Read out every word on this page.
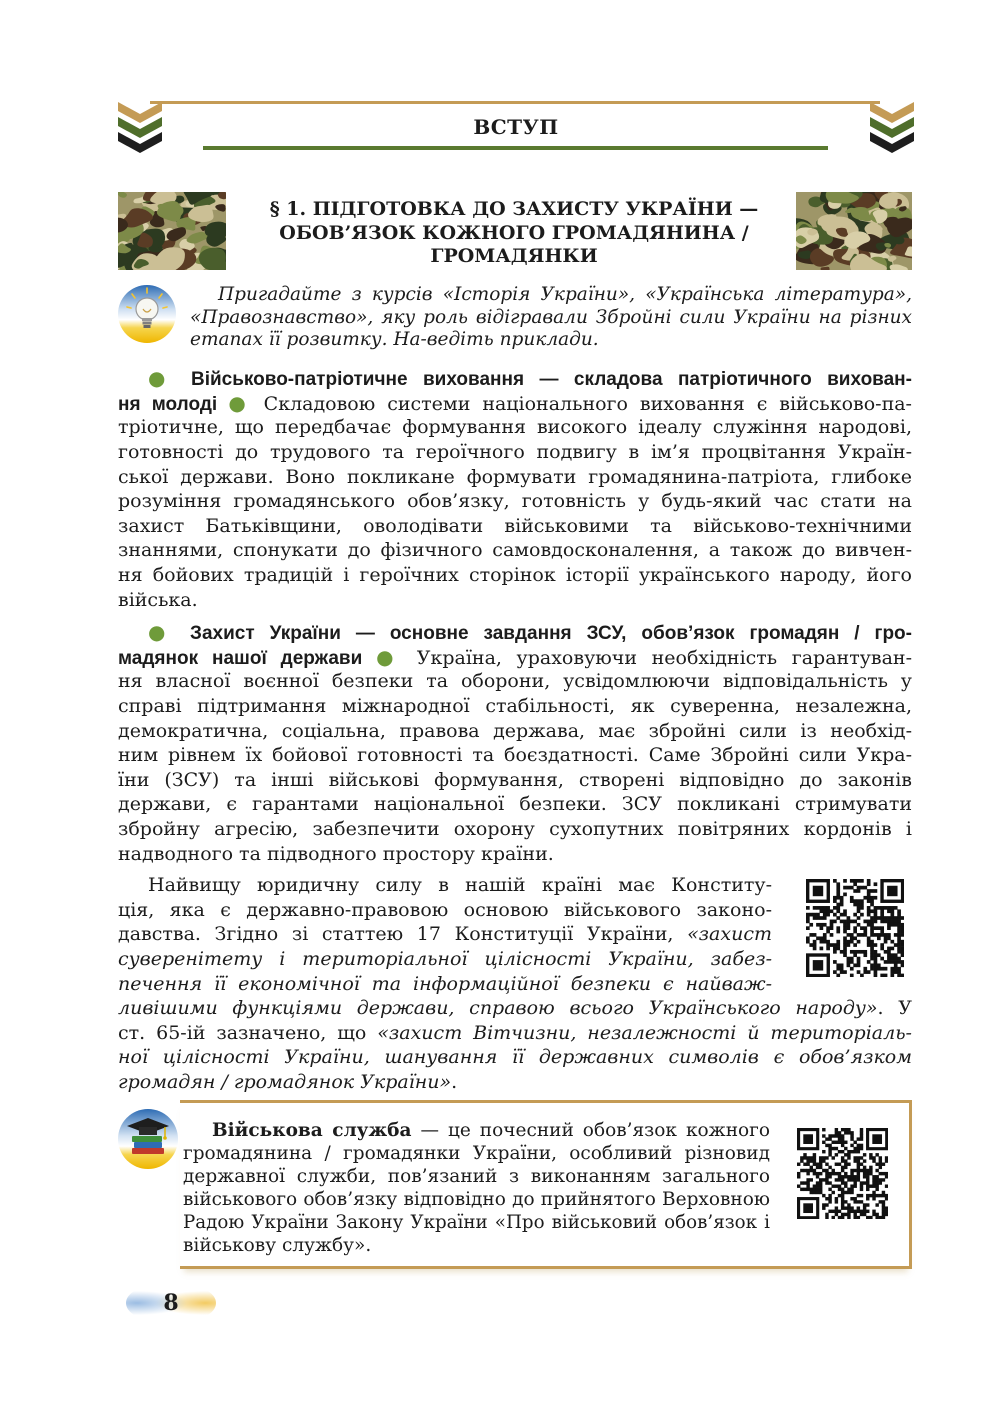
ВСТУП
§ 1. ПІДГОТОВКА ДО ЗАХИСТУ УКРАЇНИ —
ОБОВ’ЯЗОК КОЖНОГО ГРОМАДЯНИНА /
ГРОМАДЯНКИ
Пригадайте з курсів «Історія України», «Українська література»,
«Правознавство», яку роль відігравали Збройні сили України на різних
етапах її розвитку. На-ведіть приклади.
● Військово-патріотичне виховання — складова патріотичного вихован-
ня молоді ● Складовою системи національного виховання є військово-па-
тріотичне, що передбачає формування високого ідеалу служіння народові,
готовності до трудового та героїчного подвигу в ім’я процвітання Україн-
ської держави. Воно покликане формувати громадянина-патріота, глибоке
розуміння громадянського обов’язку, готовність у будь-який час стати на
захист Батьківщини, оволодівати військовими та військово-технічними
знаннями, спонукати до фізичного самовдосконалення, а також до вивчен-
ня бойових традицій і героїчних сторінок історії українського народу, його
війська.
● Захист України — основне завдання ЗСУ, обов’язок громадян / гро-
мадянок нашої держави ● Україна, ураховуючи необхідність гарантуван-
ня власної воєнної безпеки та оборони, усвідомлюючи відповідальність у
справі підтримання міжнародної стабільності, як суверенна, незалежна,
демократична, соціальна, правова держава, має збройні сили із необхід-
ним рівнем їх бойової готовності та боєздатності. Саме Збройні сили Укра-
їни (ЗСУ) та інші військові формування, створені відповідно до законів
держави, є гарантами національної безпеки. ЗСУ покликані стримувати
збройну агресію, забезпечити охорону сухопутних повітряних кордонів і
надводного та підводного простору країни.
Найвищу юридичну силу в нашій країні має Конститу-
ція, яка є державно-правовою основою військового законо-
давства. Згідно зі статтею 17 Конституції України, «захист
суверенітету і територіальної цілісності України, забез-
печення її економічної та інформаційної безпеки є найваж-
ливішими функціями держави, справою всього Українського народу». У
ст. 65-ій зазначено, що «захист Вітчизни, незалежності й територіаль-
ної цілісності України, шанування її державних символів є обов’язком
громадян / громадянок України».
Військова служба — це почесний обов’язок кожного
громадянина / громадянки України, особливий різновид
державної служби, пов’язаний з виконанням загального
військового обов’язку відповідно до прийнятого Верховною
Радою України Закону України «Про військовий обов’язок і
військову службу».
8
